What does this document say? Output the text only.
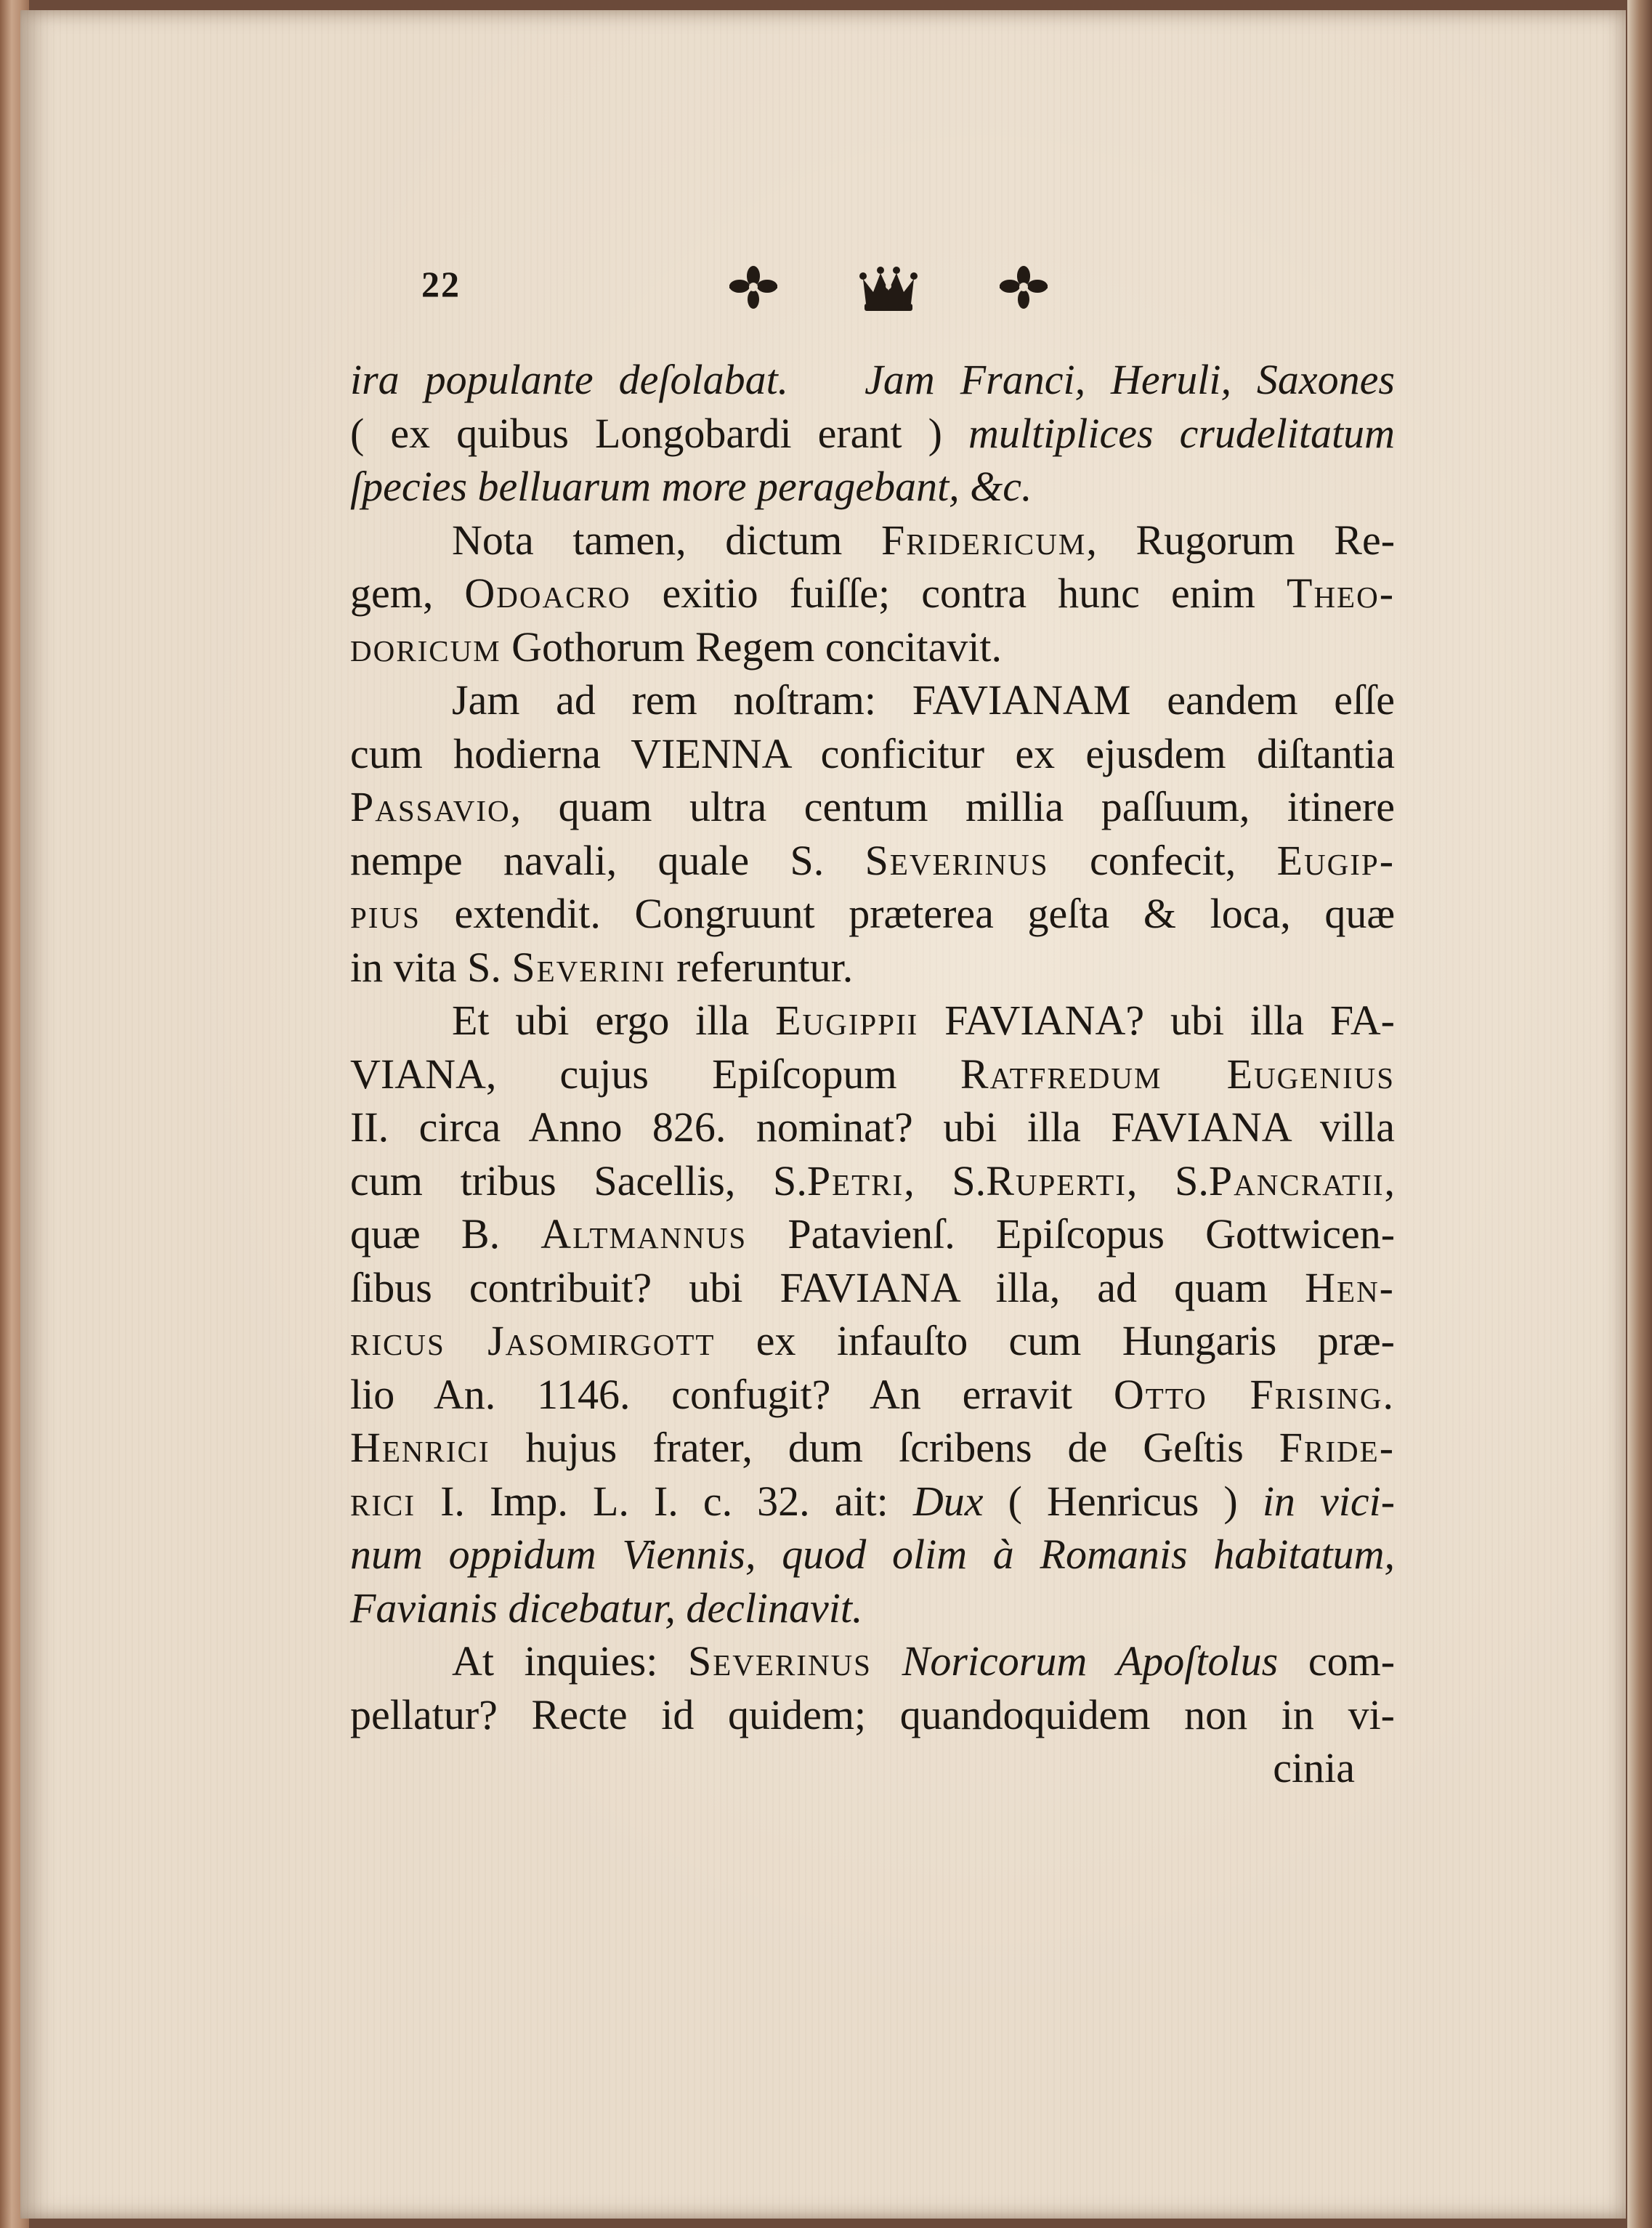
22
ira populante deſolabat. Jam Franci, Heruli, Saxones
( ex quibus Longobardi erant ) multiplices crudelitatum
ſpecies belluarum more peragebant, &c.
Nota tamen, dictum Fridericum, Rugorum Re-
gem, Odoacro exitio fuiſſe; contra hunc enim Theo-
doricum Gothorum Regem concitavit.
Jam ad rem noſtram: FAVIANAM eandem eſſe
cum hodierna VIENNA conficitur ex ejusdem diſtantia
Passavio, quam ultra centum millia paſſuum, itinere
nempe navali, quale S. Severinus confecit, Eugip-
pius extendit. Congruunt præterea geſta & loca, quæ
in vita S. Severini referuntur.
Et ubi ergo illa Eugippii FAVIANA? ubi illa FA-
VIANA, cujus Epiſcopum Ratfredum Eugenius
II. circa Anno 826. nominat? ubi illa FAVIANA villa
cum tribus Sacellis, S.Petri, S.Ruperti, S.Pancratii,
quæ B. Altmannus Patavienſ. Epiſcopus Gottwicen-
ſibus contribuit? ubi FAVIANA illa, ad quam Hen-
ricus Jasomirgott ex infauſto cum Hungaris præ-
lio An. 1146. confugit? An erravit Otto Frising.
Henrici hujus frater, dum ſcribens de Geſtis Fride-
rici I. Imp. L. I. c. 32. ait: Dux ( Henricus ) in vici-
num oppidum Viennis, quod olim à Romanis habitatum,
Favianis dicebatur, declinavit.
At inquies: Severinus Noricorum Apoſtolus com-
pellatur? Recte id quidem; quandoquidem non in vi-
cinia
